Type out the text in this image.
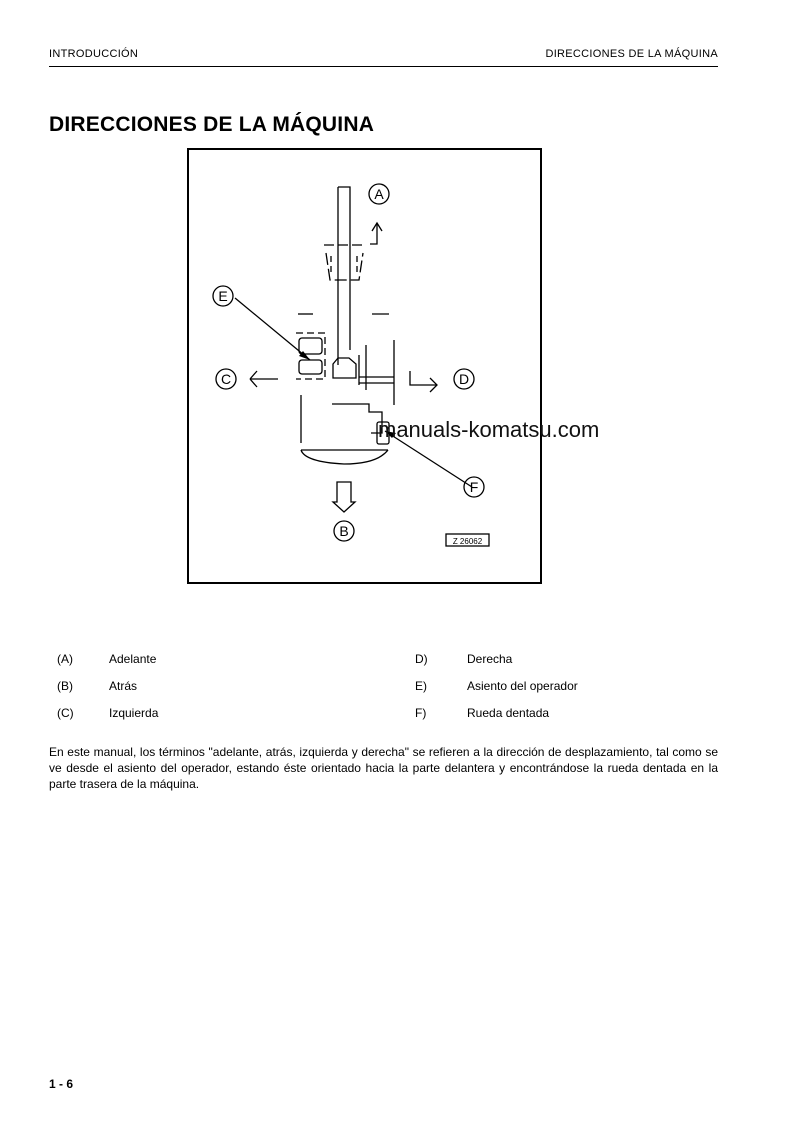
INTRODUCCIÓN	DIRECCIONES DE LA MÁQUINA
DIRECCIONES DE LA MÁQUINA
A
C	D
E
F
B
Z 26062
manuals-komatsu.com
(A)	Adelante
(B)	Atrás
(C)	Izquierda
D)	Derecha
E)	Asiento del operador
F)	Rueda dentada

En este manual, los términos "adelante, atrás, izquierda y derecha" se refieren a la dirección de desplazamiento, tal como se ve desde el asiento del operador, estando éste orientado hacia la parte delantera y encontrándose la rueda dentada en la parte trasera de la máquina.

1 - 6
